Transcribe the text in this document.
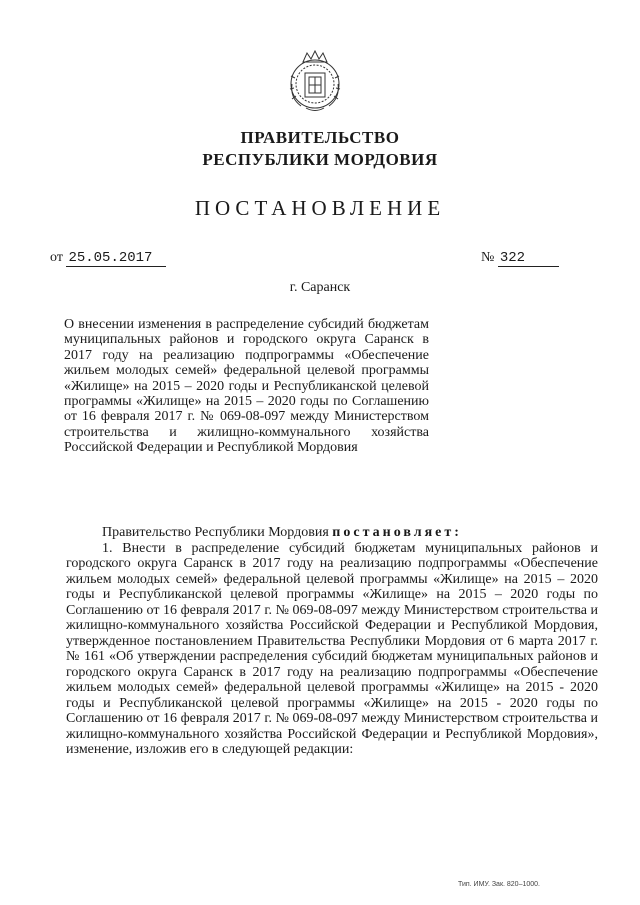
ПРАВИТЕЛЬСТВО
РЕСПУБЛИКИ МОРДОВИЯ
ПОСТАНОВЛЕНИЕ
от 25.05.2017	№ 322
г. Саранск
О внесении изменения в распределение субсидий бюджетам муниципальных районов и городского округа Саранск в 2017 году на реализацию подпрограммы «Обеспечение жильем молодых семей» федеральной целевой программы «Жилище» на 2015 – 2020 годы и Республиканской целевой программы «Жилище» на 2015 – 2020 годы по Соглашению от 16 февраля 2017 г. № 069-08-097 между Министерством строительства и жилищно-коммунального хозяйства Российской Федерации и Республикой Мордовия

Правительство Республики Мордовия постановляет:

1. Внести в распределение субсидий бюджетам муниципальных районов и городского округа Саранск в 2017 году на реализацию подпрограммы «Обеспечение жильем молодых семей» федеральной целевой программы «Жилище» на 2015 – 2020 годы и Республиканской целевой программы «Жилище» на 2015 – 2020 годы по Соглашению от 16 февраля 2017 г. № 069-08-097 между Министерством строительства и жилищно-коммунального хозяйства Российской Федерации и Республикой Мордовия, утвержденное постановлением Правительства Республики Мордовия от 6 марта 2017 г. № 161 «Об утверждении распределения субсидий бюджетам муниципальных районов и городского округа Саранск в 2017 году на реализацию подпрограммы «Обеспечение жильем молодых семей» федеральной целевой программы «Жилище» на 2015 - 2020 годы и Республиканской целевой программы «Жилище» на 2015 - 2020 годы по Соглашению от 16 февраля 2017 г. № 069-08-097 между Министерством строительства и жилищно-коммунального хозяйства Российской Федерации и Республикой Мордовия», изменение, изложив его в следующей редакции:

Тип. ИМУ. Зак. 820–1000.
